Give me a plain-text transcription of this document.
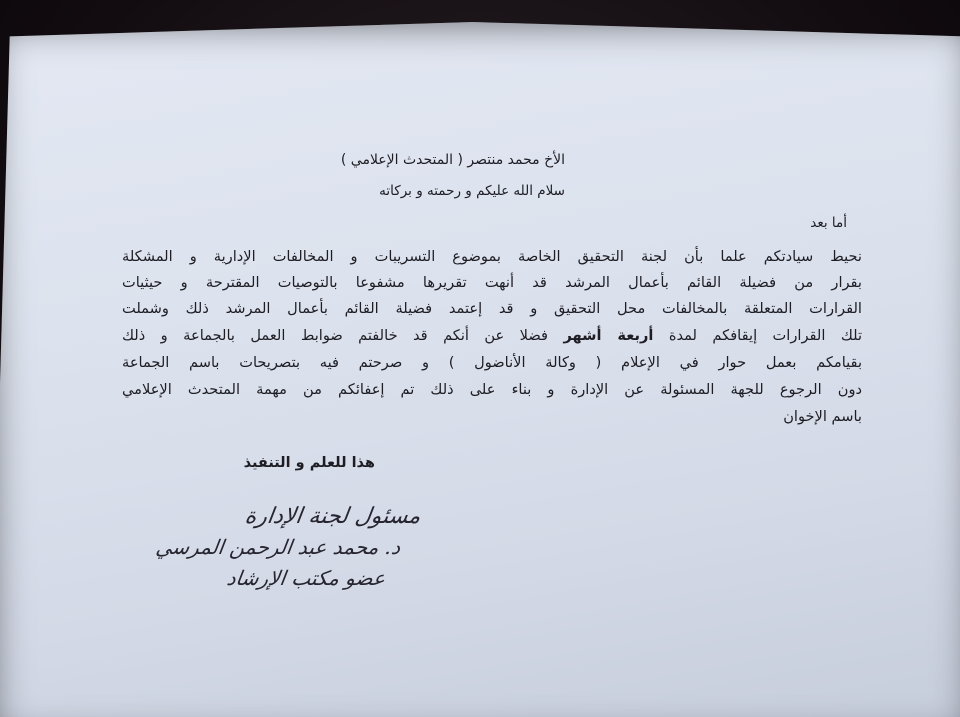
الأخ محمد منتصر ( المتحدث الإعلامي )
سلام الله عليكم و رحمته و بركاته
أما بعد
نحيط سيادتكم علما بأن لجنة التحقيق الخاصة بموضوع التسريبات و المخالفات الإدارية و المشكلة
بقرار من فضيلة القائم بأعمال المرشد قد أنهت تقريرها مشفوعا بالتوصيات المقترحة و حيثيات
القرارات المتعلقة بالمخالفات محل التحقيق و قد إعتمد فضيلة القائم بأعمال المرشد ذلك وشملت
تلك القرارات إيقافكم لمدة أربعة أشهر فضلا عن أنكم قد خالفتم ضوابط العمل بالجماعة و ذلك
بقيامكم بعمل حوار في الإعلام ( وكالة الأناضول ) و صرحتم فيه بتصريحات باسم الجماعة
دون الرجوع للجهة المسئولة عن الإدارة و بناء على ذلك تم إعفائكم من مهمة المتحدث الإعلامي
باسم الإخوان
هذا للعلم و التنفيذ
مسئول لجنة الإدارة
د. محمد عبد الرحمن المرسي
عضو مكتب الإرشاد
